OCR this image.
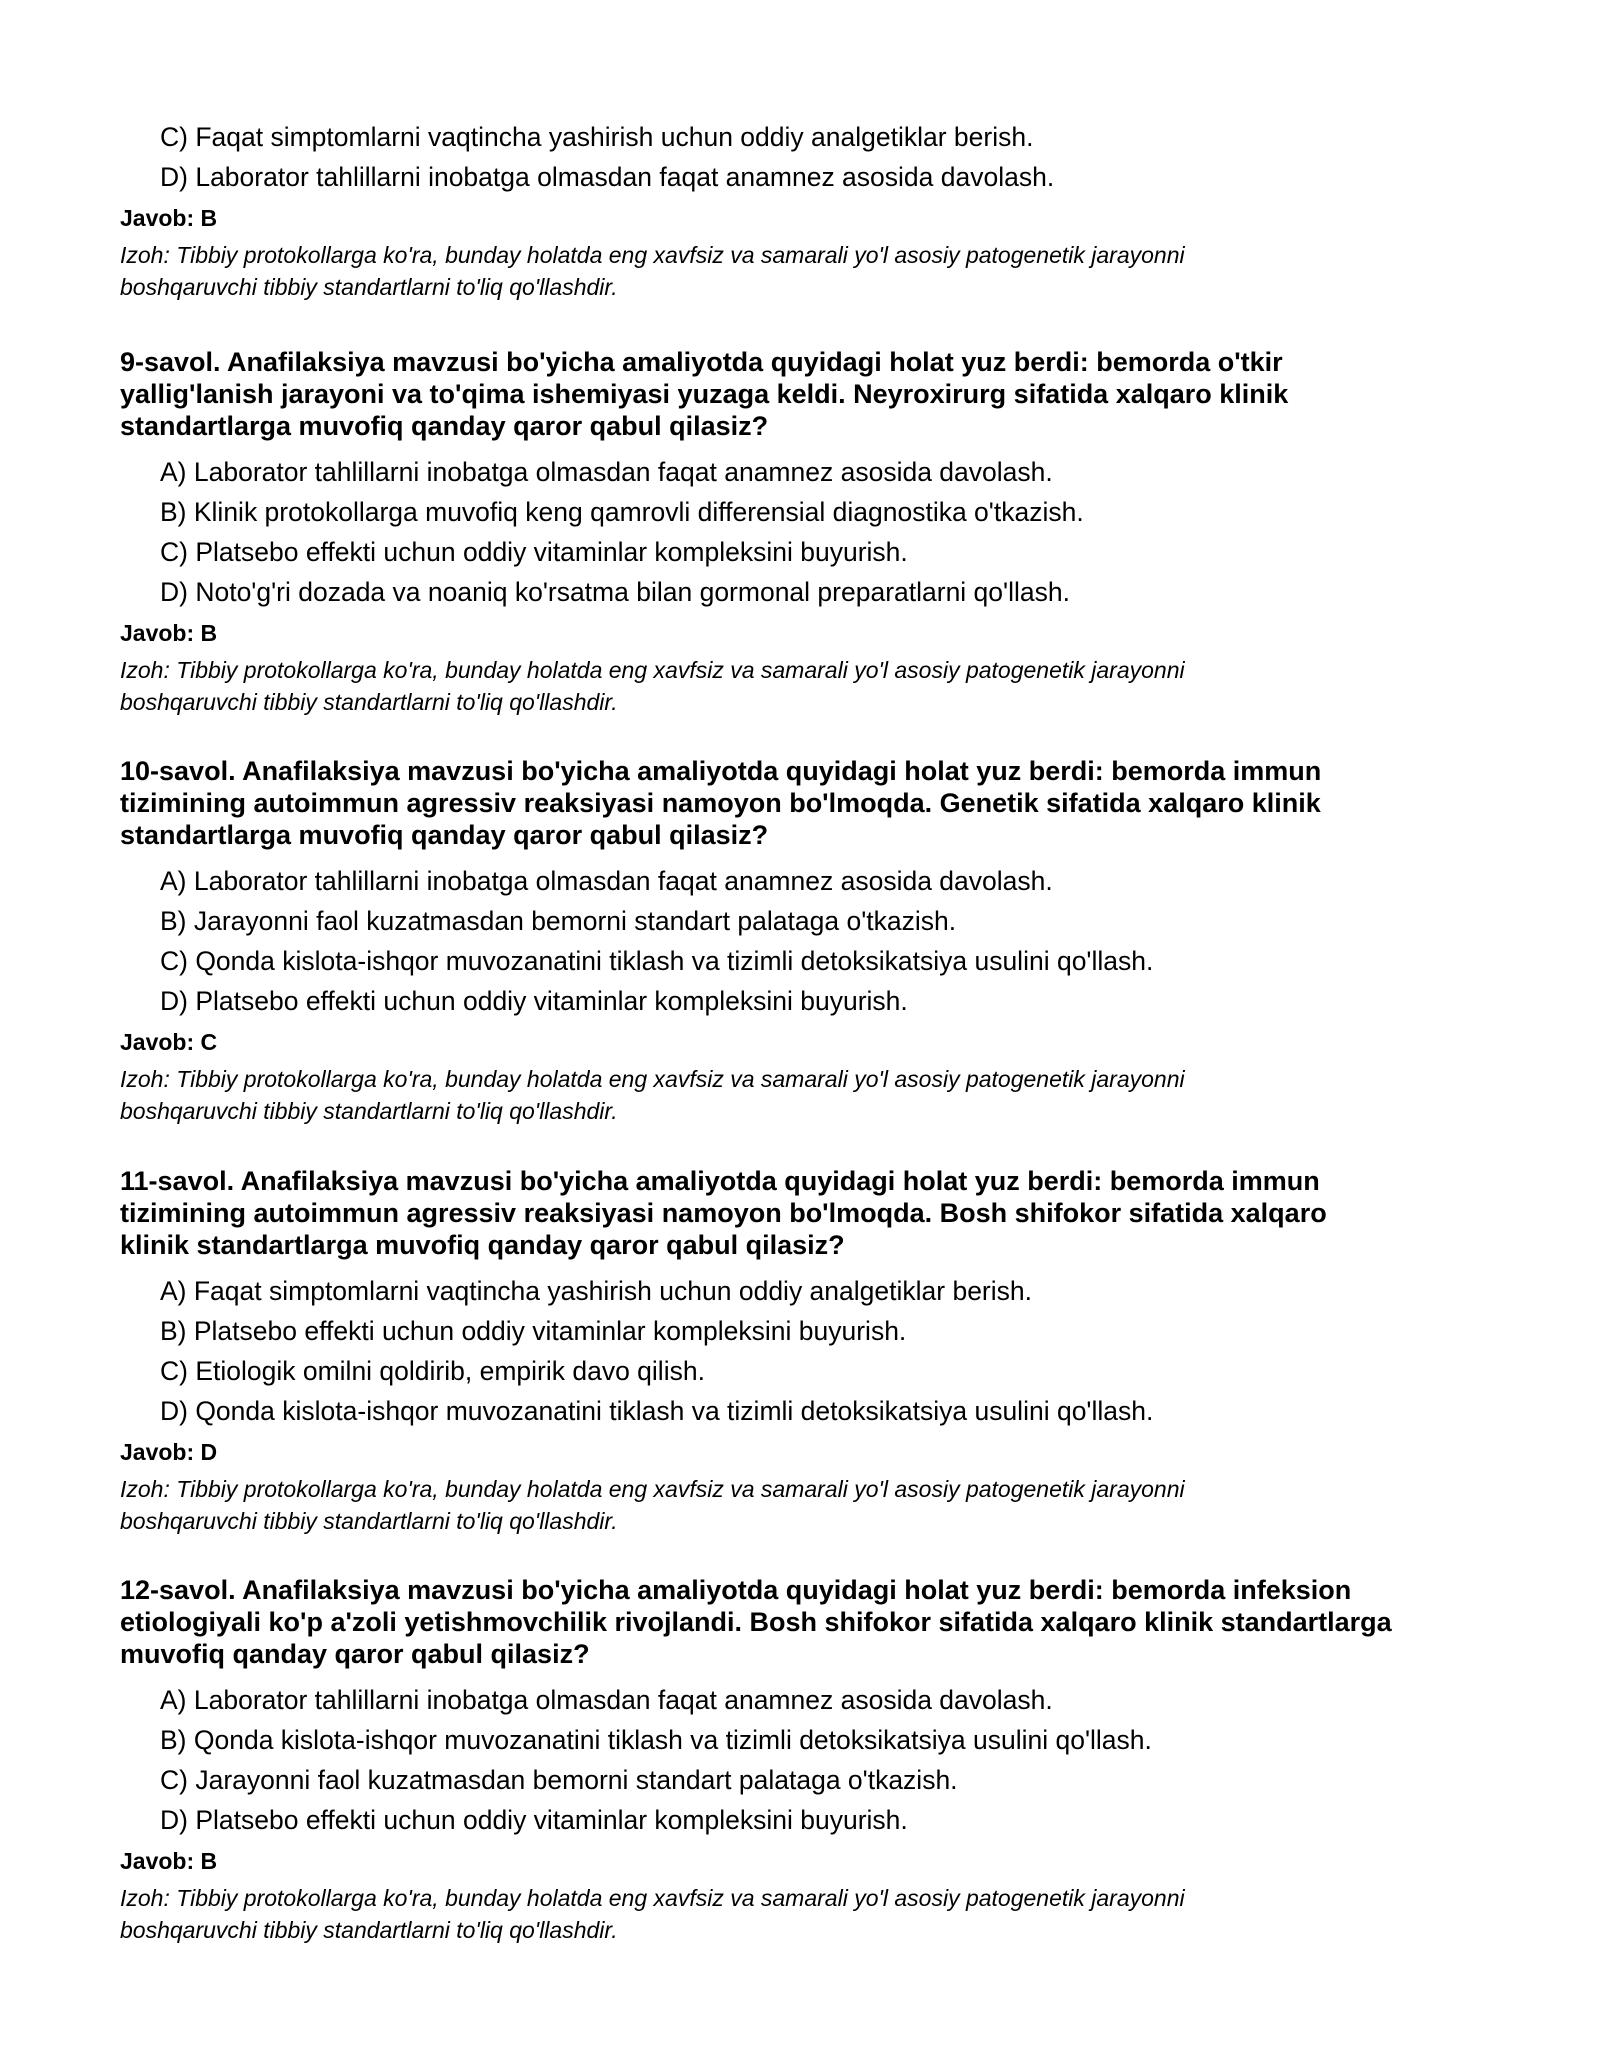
C) Faqat simptomlarni vaqtincha yashirish uchun oddiy analgetiklar berish.
D) Laborator tahlillarni inobatga olmasdan faqat anamnez asosida davolash.
Javob: B
Izoh: Tibbiy protokollarga ko'ra, bunday holatda eng xavfsiz va samarali yo'l asosiy patogenetik jarayonni
boshqaruvchi tibbiy standartlarni to'liq qo'llashdir.
9-savol. Anafilaksiya mavzusi bo'yicha amaliyotda quyidagi holat yuz berdi: bemorda o'tkir
yallig'lanish jarayoni va to'qima ishemiyasi yuzaga keldi. Neyroxirurg sifatida xalqaro klinik
standartlarga muvofiq qanday qaror qabul qilasiz?
A) Laborator tahlillarni inobatga olmasdan faqat anamnez asosida davolash.
B) Klinik protokollarga muvofiq keng qamrovli differensial diagnostika o'tkazish.
C) Platsebo effekti uchun oddiy vitaminlar kompleksini buyurish.
D) Noto'g'ri dozada va noaniq ko'rsatma bilan gormonal preparatlarni qo'llash.
Javob: B
Izoh: Tibbiy protokollarga ko'ra, bunday holatda eng xavfsiz va samarali yo'l asosiy patogenetik jarayonni
boshqaruvchi tibbiy standartlarni to'liq qo'llashdir.
10-savol. Anafilaksiya mavzusi bo'yicha amaliyotda quyidagi holat yuz berdi: bemorda immun
tizimining autoimmun agressiv reaksiyasi namoyon bo'lmoqda. Genetik sifatida xalqaro klinik
standartlarga muvofiq qanday qaror qabul qilasiz?
A) Laborator tahlillarni inobatga olmasdan faqat anamnez asosida davolash.
B) Jarayonni faol kuzatmasdan bemorni standart palataga o'tkazish.
C) Qonda kislota-ishqor muvozanatini tiklash va tizimli detoksikatsiya usulini qo'llash.
D) Platsebo effekti uchun oddiy vitaminlar kompleksini buyurish.
Javob: C
Izoh: Tibbiy protokollarga ko'ra, bunday holatda eng xavfsiz va samarali yo'l asosiy patogenetik jarayonni
boshqaruvchi tibbiy standartlarni to'liq qo'llashdir.
11-savol. Anafilaksiya mavzusi bo'yicha amaliyotda quyidagi holat yuz berdi: bemorda immun
tizimining autoimmun agressiv reaksiyasi namoyon bo'lmoqda. Bosh shifokor sifatida xalqaro
klinik standartlarga muvofiq qanday qaror qabul qilasiz?
A) Faqat simptomlarni vaqtincha yashirish uchun oddiy analgetiklar berish.
B) Platsebo effekti uchun oddiy vitaminlar kompleksini buyurish.
C) Etiologik omilni qoldirib, empirik davo qilish.
D) Qonda kislota-ishqor muvozanatini tiklash va tizimli detoksikatsiya usulini qo'llash.
Javob: D
Izoh: Tibbiy protokollarga ko'ra, bunday holatda eng xavfsiz va samarali yo'l asosiy patogenetik jarayonni
boshqaruvchi tibbiy standartlarni to'liq qo'llashdir.
12-savol. Anafilaksiya mavzusi bo'yicha amaliyotda quyidagi holat yuz berdi: bemorda infeksion
etiologiyali ko'p a'zoli yetishmovchilik rivojlandi. Bosh shifokor sifatida xalqaro klinik standartlarga
muvofiq qanday qaror qabul qilasiz?
A) Laborator tahlillarni inobatga olmasdan faqat anamnez asosida davolash.
B) Qonda kislota-ishqor muvozanatini tiklash va tizimli detoksikatsiya usulini qo'llash.
C) Jarayonni faol kuzatmasdan bemorni standart palataga o'tkazish.
D) Platsebo effekti uchun oddiy vitaminlar kompleksini buyurish.
Javob: B
Izoh: Tibbiy protokollarga ko'ra, bunday holatda eng xavfsiz va samarali yo'l asosiy patogenetik jarayonni
boshqaruvchi tibbiy standartlarni to'liq qo'llashdir.
